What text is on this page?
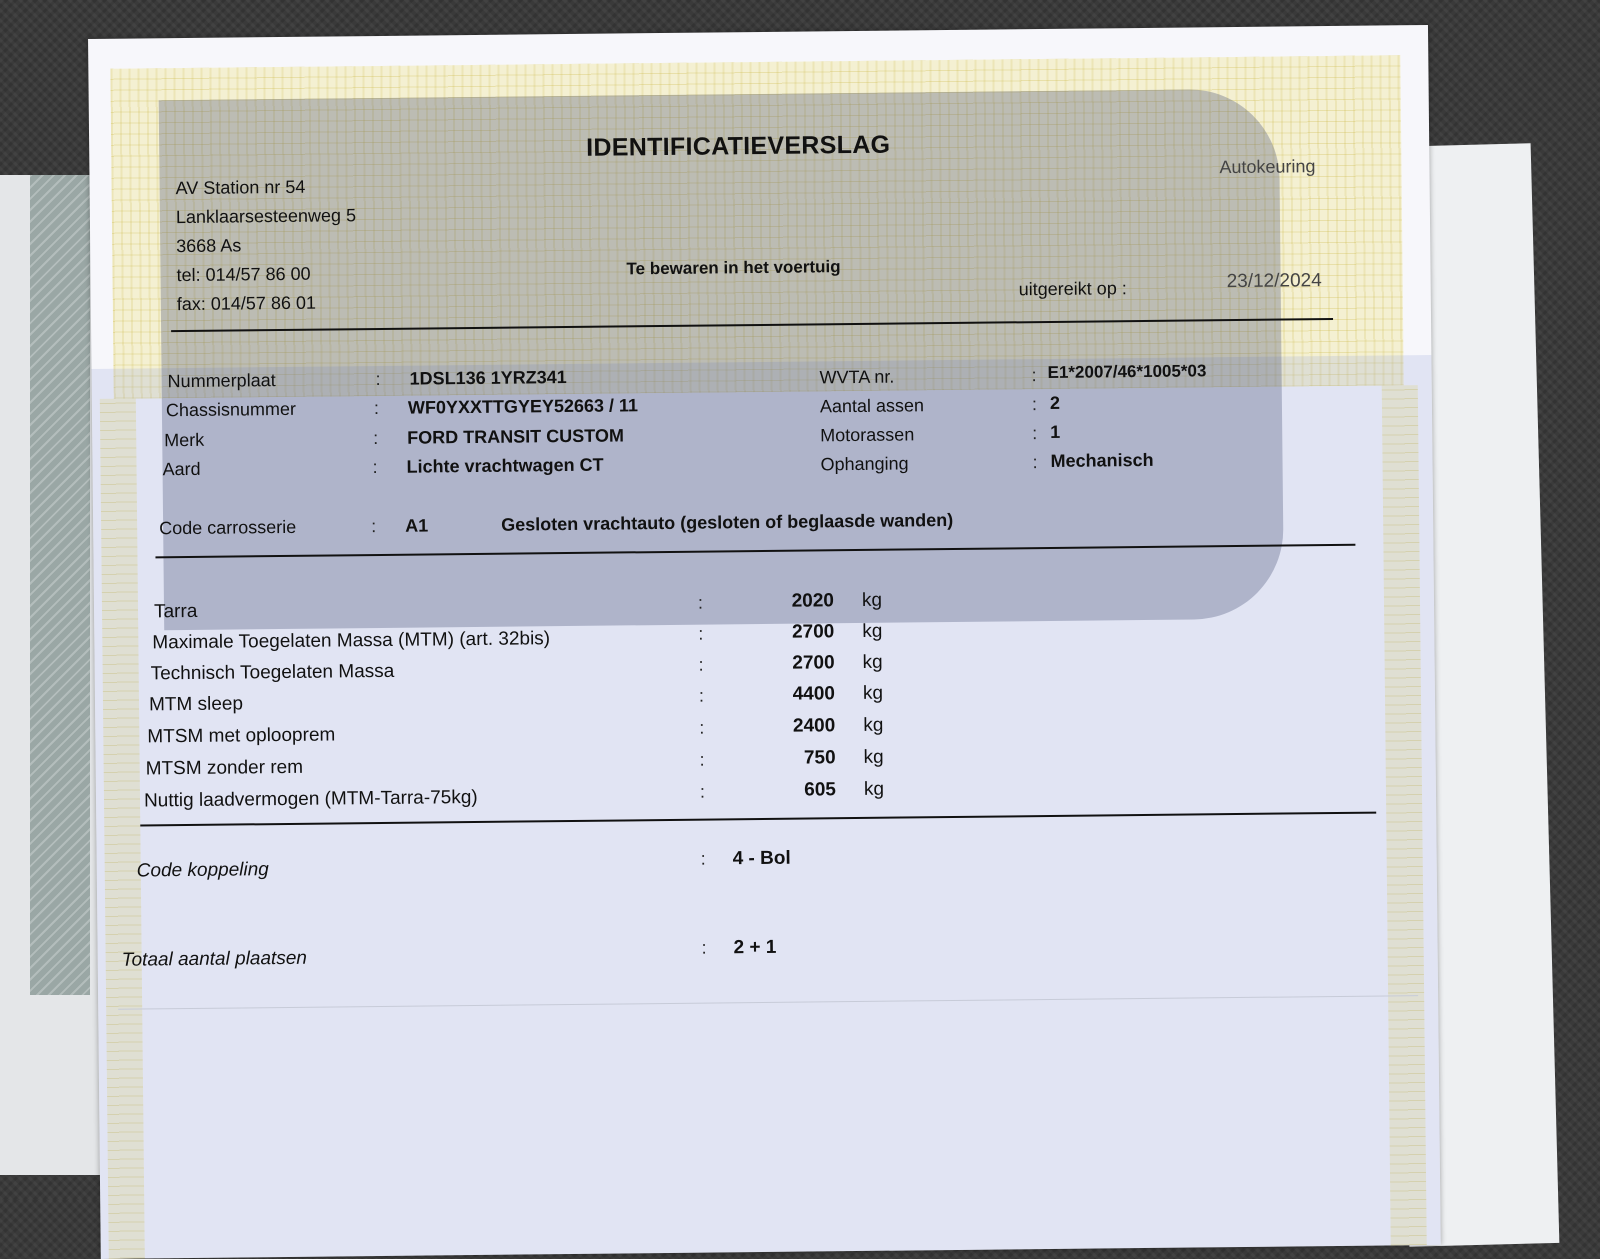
IDENTIFICATIEVERSLAG
Autokeuring
AV Station nr 54
Lanklaarsesteenweg 5
3668 As
tel: 014/57 86 00
fax: 014/57 86 01
Te bewaren in het voertuig
uitgereikt op :	23/12/2024
Nummerplaat	: 1DSL136 1YRZ341
Chassisnummer	: WF0YXXTTGYEY52663 / 11
Merk	: FORD TRANSIT CUSTOM
Aard	: Lichte vrachtwagen CT
WVTA nr.	: E1*2007/46*1005*03
Aantal assen	: 2
Motorassen	: 1
Ophanging	: Mechanisch
Code carrosserie	: A1	Gesloten vrachtauto (gesloten of beglaasde wanden)
Tarra	:	2020 kg
Maximale Toegelaten Massa (MTM) (art. 32bis)	:	2700 kg
Technisch Toegelaten Massa	:	2700 kg
MTM sleep	:	4400 kg
MTSM met oplooprem	:	2400 kg
MTSM zonder rem	:	750 kg
Nuttig laadvermogen (MTM-Tarra-75kg)	:	605 kg
Code koppeling
: 4 - Bol
Totaal aantal plaatsen
: 2 + 1
